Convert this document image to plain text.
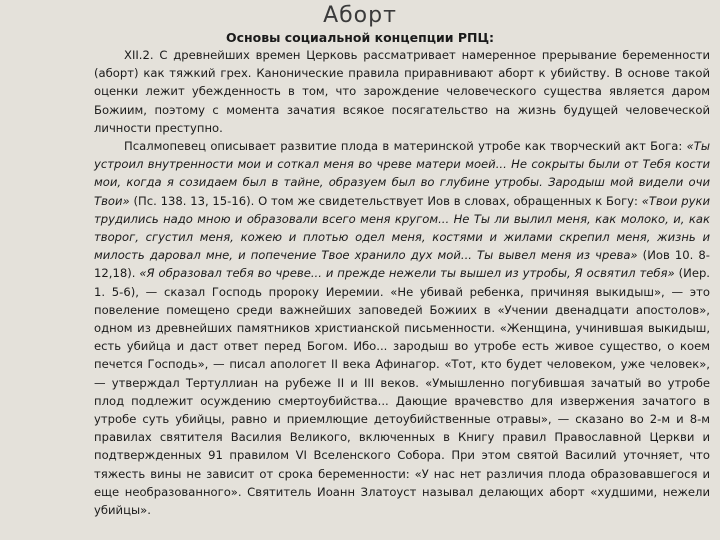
Аборт
Основы социальной концепции РПЦ:

XII.2. С древнейших времен Церковь рассматривает намеренное прерывание беременности (аборт) как тяжкий грех. Канонические правила приравнивают аборт к убийству. В основе такой оценки лежит убежденность в том, что зарождение человеческого существа является даром Божиим, поэтому с момента зачатия всякое посягательство на жизнь будущей человеческой личности преступно.

Псалмопевец описывает развитие плода в материнской утробе как творческий акт Бога: «Ты устроил внутренности мои и соткал меня во чреве матери моей... Не сокрыты были от Тебя кости мои, когда я созидаем был в тайне, образуем был во глубине утробы. Зародыш мой видели очи Твои» (Пс. 138. 13, 15-16). О том же свидетельствует Иов в словах, обращенных к Богу: «Твои руки трудились надо мною и образовали всего меня кругом... Не Ты ли вылил меня, как молоко, и, как творог, сгустил меня, кожею и плотью одел меня, костями и жилами скрепил меня, жизнь и милость даровал мне, и попечение Твое хранило дух мой... Ты вывел меня из чрева» (Иов 10. 8-12,18). «Я образовал тебя во чреве... и прежде нежели ты вышел из утробы, Я освятил тебя» (Иер. 1. 5-6), — сказал Господь пророку Иеремии. «Не убивай ребенка, причиняя выкидыш», — это повеление помещено среди важнейших заповедей Божиих в «Учении двенадцати апостолов», одном из древнейших памятников христианской письменности. «Женщина, учинившая выкидыш, есть убийца и даст ответ перед Богом. Ибо... зародыш во утробе есть живое существо, о коем печется Господь», — писал апологет II века Афинагор. «Тот, кто будет человеком, уже человек», — утверждал Тертуллиан на рубеже II и III веков. «Умышленно погубившая зачатый во утробе плод подлежит осуждению смертоубийства... Дающие врачевство для извержения зачатого в утробе суть убийцы, равно и приемлющие детоубийственные отравы», — сказано во 2-м и 8-м правилах святителя Василия Великого, включенных в Книгу правил Православной Церкви и подтвержденных 91 правилом VI Вселенского Собора. При этом святой Василий уточняет, что тяжесть вины не зависит от срока беременности: «У нас нет различия плода образовавшегося и еще необразованного». Святитель Иоанн Златоуст называл делающих аборт «худшими, нежели убийцы».
